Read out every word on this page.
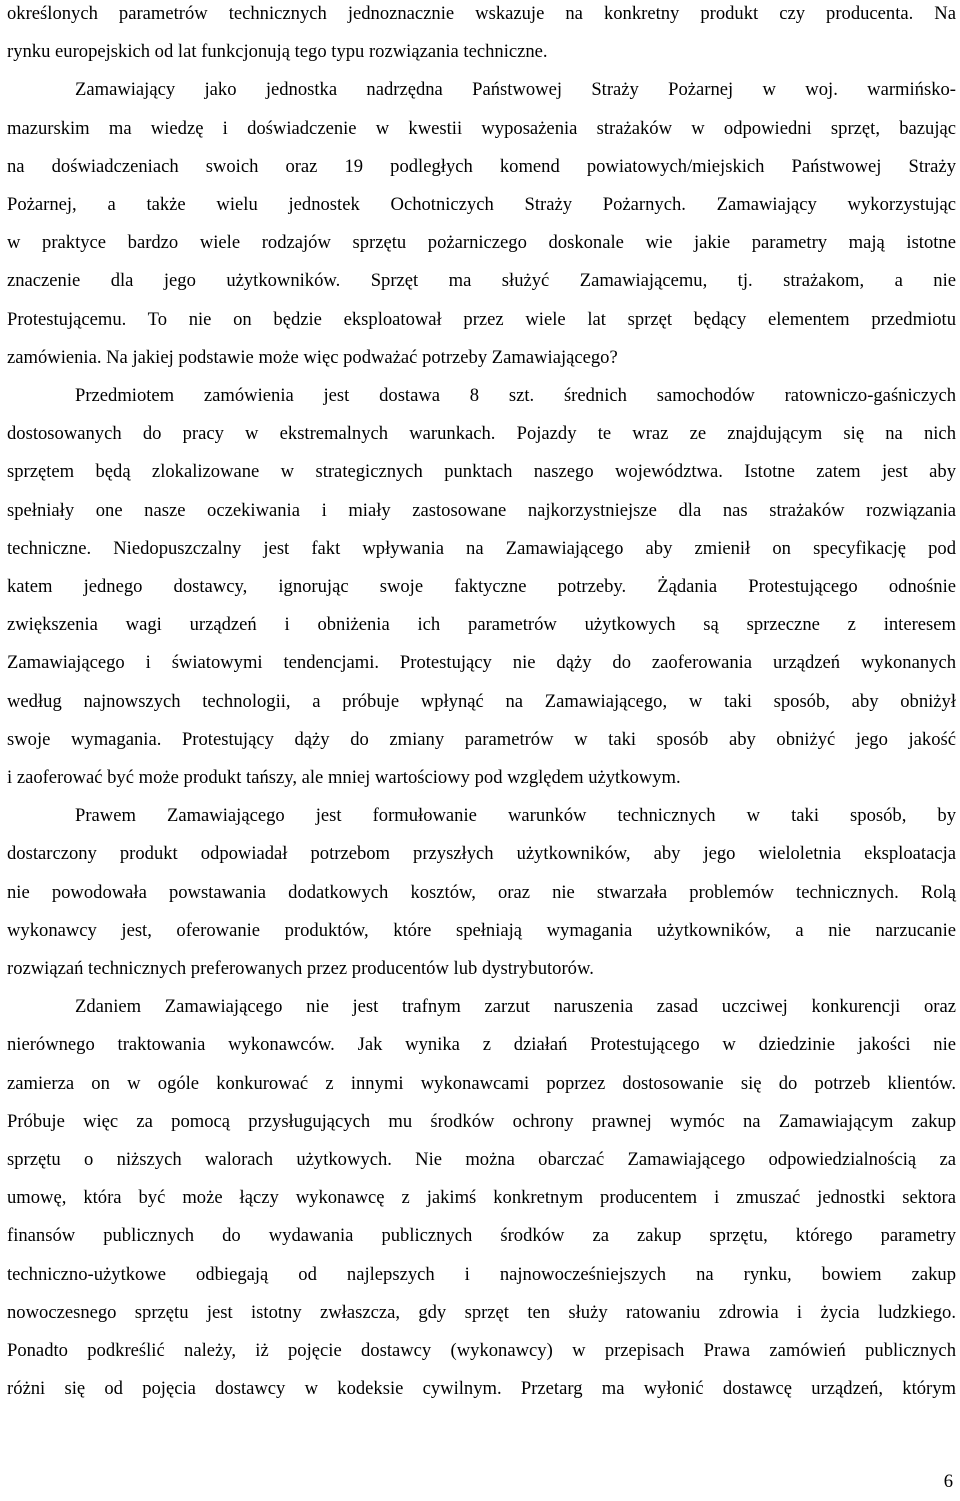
określonych parametrów technicznych jednoznacznie wskazuje na konkretny produkt czy producenta. Na
rynku europejskich od lat funkcjonują tego typu rozwiązania techniczne.
Zamawiający jako jednostka nadrzędna Państwowej Straży Pożarnej w woj. warmińsko-
mazurskim ma wiedzę i doświadczenie w kwestii wyposażenia strażaków w odpowiedni sprzęt, bazując
na doświadczeniach swoich oraz 19 podległych komend powiatowych/miejskich Państwowej Straży
Pożarnej, a także wielu jednostek Ochotniczych Straży Pożarnych. Zamawiający wykorzystując
w praktyce bardzo wiele rodzajów sprzętu pożarniczego doskonale wie jakie parametry mają istotne
znaczenie dla jego użytkowników. Sprzęt ma służyć Zamawiającemu, tj. strażakom, a nie
Protestującemu. To nie on będzie eksploatował przez wiele lat sprzęt będący elementem przedmiotu
zamówienia. Na jakiej podstawie może więc podważać potrzeby Zamawiającego?
Przedmiotem zamówienia jest dostawa 8 szt. średnich samochodów ratowniczo-gaśniczych
dostosowanych do pracy w ekstremalnych warunkach. Pojazdy te wraz ze znajdującym się na nich
sprzętem będą zlokalizowane w strategicznych punktach naszego województwa. Istotne zatem jest aby
spełniały one nasze oczekiwania i miały zastosowane najkorzystniejsze dla nas strażaków rozwiązania
techniczne. Niedopuszczalny jest fakt wpływania na Zamawiającego aby zmienił on specyfikację pod
katem jednego dostawcy, ignorując swoje faktyczne potrzeby. Żądania Protestującego odnośnie
zwiększenia wagi urządzeń i obniżenia ich parametrów użytkowych są sprzeczne z interesem
Zamawiającego i światowymi tendencjami. Protestujący nie dąży do zaoferowania urządzeń wykonanych
według najnowszych technologii, a próbuje wpłynąć na Zamawiającego, w taki sposób, aby obniżył
swoje wymagania. Protestujący dąży do zmiany parametrów w taki sposób aby obniżyć jego jakość
i zaoferować być może produkt tańszy, ale mniej wartościowy pod względem użytkowym.
Prawem Zamawiającego jest formułowanie warunków technicznych w taki sposób, by
dostarczony produkt odpowiadał potrzebom przyszłych użytkowników, aby jego wieloletnia eksploatacja
nie powodowała powstawania dodatkowych kosztów, oraz nie stwarzała problemów technicznych. Rolą
wykonawcy jest, oferowanie produktów, które spełniają wymagania użytkowników, a nie narzucanie
rozwiązań technicznych preferowanych przez producentów lub dystrybutorów.
Zdaniem Zamawiającego nie jest trafnym zarzut naruszenia zasad uczciwej konkurencji oraz
nierównego traktowania wykonawców. Jak wynika z działań Protestującego w dziedzinie jakości nie
zamierza on w ogóle konkurować z innymi wykonawcami poprzez dostosowanie się do potrzeb klientów.
Próbuje więc za pomocą przysługujących mu środków ochrony prawnej wymóc na Zamawiającym zakup
sprzętu o niższych walorach użytkowych. Nie można obarczać Zamawiającego odpowiedzialnością za
umowę, która być może łączy wykonawcę z jakimś konkretnym producentem i zmuszać jednostki sektora
finansów publicznych do wydawania publicznych środków za zakup sprzętu, którego parametry
techniczno-użytkowe odbiegają od najlepszych i najnowocześniejszych na rynku, bowiem zakup
nowoczesnego sprzętu jest istotny zwłaszcza, gdy sprzęt ten służy ratowaniu zdrowia i życia ludzkiego.
Ponadto podkreślić należy, iż pojęcie dostawcy (wykonawcy) w przepisach Prawa zamówień publicznych
różni się od pojęcia dostawcy w kodeksie cywilnym. Przetarg ma wyłonić dostawcę urządzeń, którym
6
